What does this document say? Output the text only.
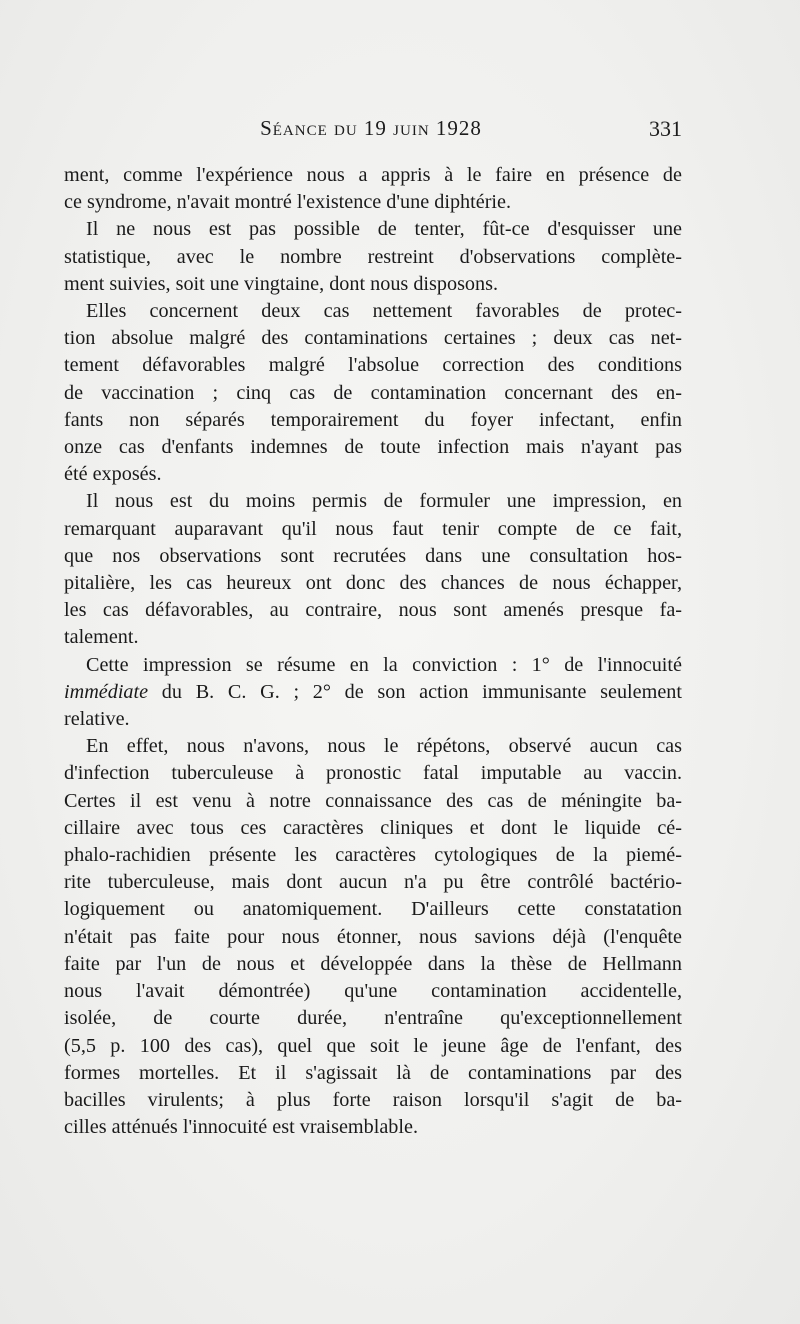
Séance du 19 juin 1928	331

ment, comme l'expérience nous a appris à le faire en présence de
ce syndrome, n'avait montré l'existence d'une diphtérie.

Il ne nous est pas possible de tenter, fût-ce d'esquisser une
statistique, avec le nombre restreint d'observations complète-
ment suivies, soit une vingtaine, dont nous disposons.

Elles concernent deux cas nettement favorables de protec-
tion absolue malgré des contaminations certaines ; deux cas net-
tement défavorables malgré l'absolue correction des conditions
de vaccination ; cinq cas de contamination concernant des en-
fants non séparés temporairement du foyer infectant, enfin
onze cas d'enfants indemnes de toute infection mais n'ayant pas
été exposés.

Il nous est du moins permis de formuler une impression, en
remarquant auparavant qu'il nous faut tenir compte de ce fait,
que nos observations sont recrutées dans une consultation hos-
pitalière, les cas heureux ont donc des chances de nous échapper,
les cas défavorables, au contraire, nous sont amenés presque fa-
talement.

Cette impression se résume en la conviction : 1° de l'innocuité
immédiate du B. C. G. ; 2° de son action immunisante seulement
relative.

En effet, nous n'avons, nous le répétons, observé aucun cas
d'infection tuberculeuse à pronostic fatal imputable au vaccin.
Certes il est venu à notre connaissance des cas de méningite ba-
cillaire avec tous ces caractères cliniques et dont le liquide cé-
phalo-rachidien présente les caractères cytologiques de la piemé-
rite tuberculeuse, mais dont aucun n'a pu être contrôlé bactério-
logiquement ou anatomiquement. D'ailleurs cette constatation
n'était pas faite pour nous étonner, nous savions déjà (l'enquête
faite par l'un de nous et développée dans la thèse de Hellmann
nous l'avait démontrée) qu'une contamination accidentelle,
isolée, de courte durée, n'entraîne qu'exceptionnellement
(5,5 p. 100 des cas), quel que soit le jeune âge de l'enfant, des
formes mortelles. Et il s'agissait là de contaminations par des
bacilles virulents; à plus forte raison lorsqu'il s'agit de ba-
cilles atténués l'innocuité est vraisemblable.
